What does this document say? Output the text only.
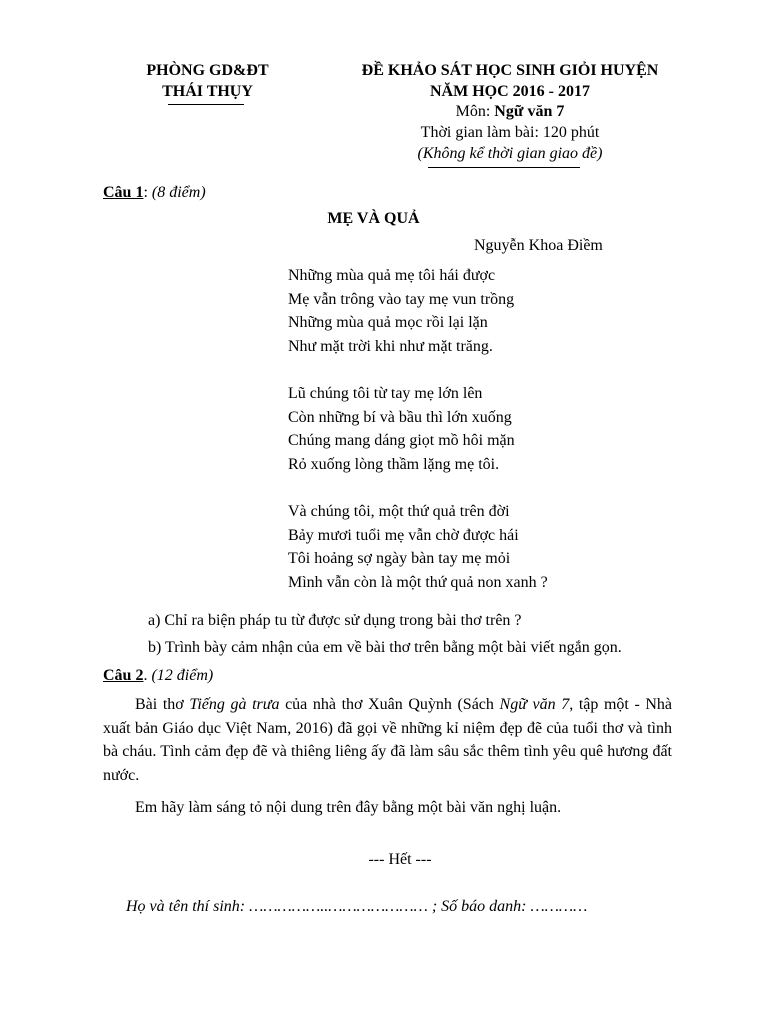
PHÒNG GD&ĐT
THÁI THỤY
ĐỀ KHẢO SÁT HỌC SINH GIỎI HUYỆN
NĂM HỌC 2016 - 2017
Môn: Ngữ văn 7
Thời gian làm bài: 120 phút
(Không kể thời gian giao đề)
Câu 1: (8 điểm)
MẸ VÀ QUẢ
Nguyễn Khoa Điềm
Những mùa quả mẹ tôi hái được
Mẹ vẫn trông vào tay mẹ vun trồng
Những mùa quả mọc rồi lại lặn
Như mặt trời khi như mặt trăng.
Lũ chúng tôi từ tay mẹ lớn lên
Còn những bí và bầu thì lớn xuống
Chúng mang dáng giọt mồ hôi mặn
Rỏ xuống lòng thầm lặng mẹ tôi.
Và chúng tôi, một thứ quả trên đời
Bảy mươi tuổi mẹ vẫn chờ được hái
Tôi hoảng sợ ngày bàn tay mẹ mỏi
Mình vẫn còn là một thứ quả non xanh ?
a) Chỉ ra biện pháp tu từ được sử dụng trong bài thơ trên ?
b) Trình bày cảm nhận của em về bài thơ trên bằng một bài viết ngắn gọn.
Câu 2. (12 điểm)
Bài thơ Tiếng gà trưa của nhà thơ Xuân Quỳnh (Sách Ngữ văn 7, tập một - Nhà xuất bản Giáo dục Việt Nam, 2016) đã gọi về những kỉ niệm đẹp đẽ của tuổi thơ và tình bà cháu. Tình cảm đẹp đẽ và thiêng liêng ấy đã làm sâu sắc thêm tình yêu quê hương đất nước.
Em hãy làm sáng tỏ nội dung trên đây bằng một bài văn nghị luận.
--- Hết ---
Họ và tên thí sinh: ……………..………………… ; Số báo danh: …………
